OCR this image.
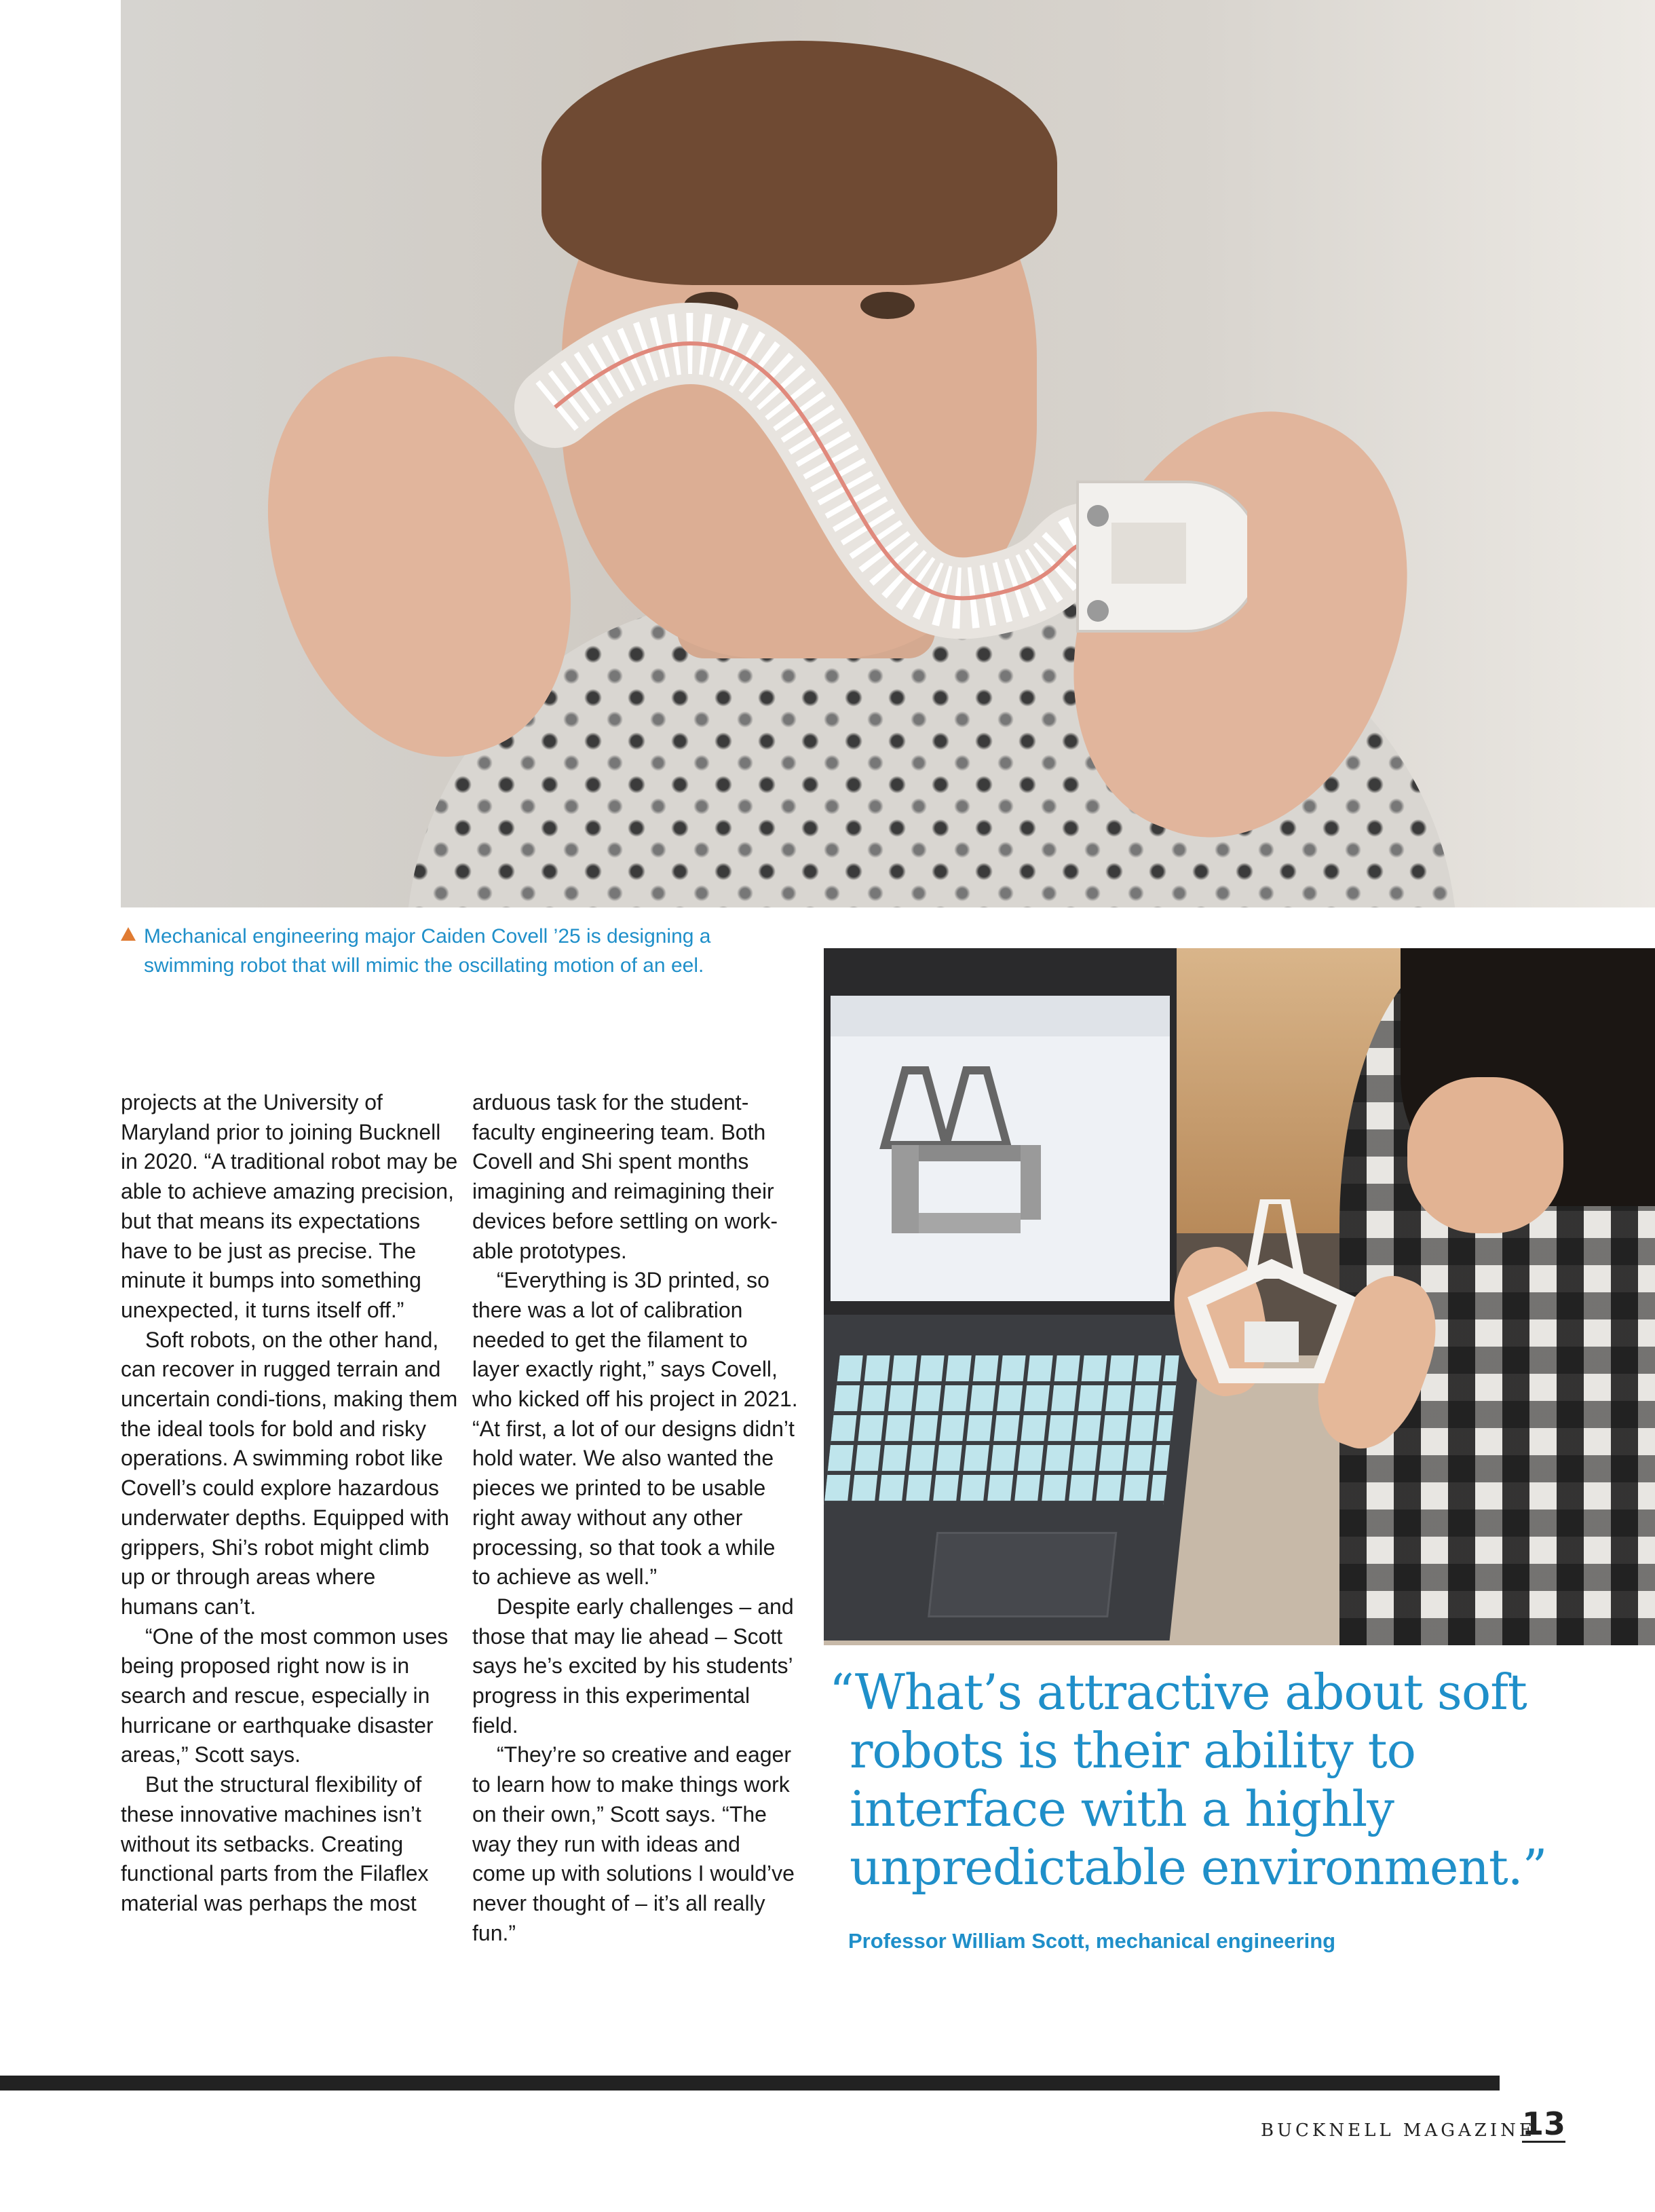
Mechanical engineering major Caiden Covell ’25 is designing a swimming robot that will mimic the oscillating motion of an eel.

projects at the University of Maryland prior to joining Bucknell in 2020. “A traditional robot may be able to achieve amazing precision, but that means its expectations have to be just as precise. The minute it bumps into something unexpected, it turns itself off.”

Soft robots, on the other hand, can recover in rugged terrain and uncertain condi-tions, making them the ideal tools for bold and risky operations. A swimming robot like Covell’s could explore hazardous underwater depths. Equipped with grippers, Shi’s robot might climb up or through areas where humans can’t.

“One of the most common uses being proposed right now is in search and rescue, especially in hurricane or earthquake disaster areas,” Scott says.

But the structural flexibility of these innovative machines isn’t without its setbacks. Creating functional parts from the Filaflex material was perhaps the most

arduous task for the student-faculty engineering team. Both Covell and Shi spent months imagining and reimagining their devices before settling on work-able prototypes.

“Everything is 3D printed, so there was a lot of calibration needed to get the filament to layer exactly right,” says Covell, who kicked off his project in 2021. “At first, a lot of our designs didn’t hold water. We also wanted the pieces we printed to be usable right away without any other processing, so that took a while to achieve as well.”

Despite early challenges – and those that may lie ahead – Scott says he’s excited by his students’ progress in this experimental field.

“They’re so creative and eager to learn how to make things work on their own,” Scott says. “The way they run with ideas and come up with solutions I would’ve never thought of – it’s all really fun.”

“What’s attractive about soft robots is their ability to interface with a highly unpredictable environment.”
Professor William Scott, mechanical engineering
BUCKNELL MAGAZINE
13
